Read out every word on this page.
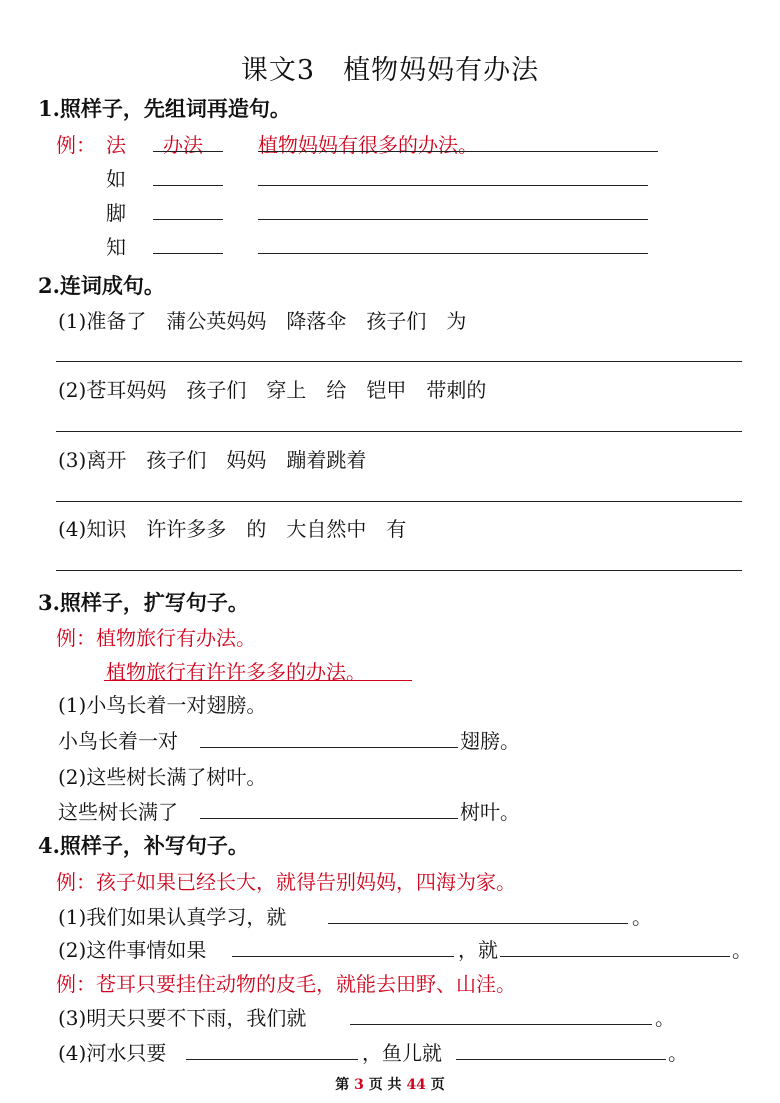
课文3　植物妈妈有办法
1.照样子，先组词再造句。
例： 法 办法	植物妈妈有很多的办法。
如
脚
知
2.连词成句。
(1)准备了　蒲公英妈妈　降落伞　孩子们　为
(2)苍耳妈妈　孩子们　穿上　给　铠甲　带刺的
(3)离开　孩子们　妈妈　蹦着跳着
(4)知识　许许多多　的　大自然中　有
3.照样子，扩写句子。
例：植物旅行有办法。
植物旅行有许许多多的办法。
(1)小鸟长着一对翅膀。
小鸟长着一对	翅膀。
(2)这些树长满了树叶。
这些树长满了	树叶。
4.照样子，补写句子。
例：孩子如果已经长大，就得告别妈妈，四海为家。
(1)我们如果认真学习，就	。
(2)这件事情如果	，就	。
例：苍耳只要挂住动物的皮毛，就能去田野、山洼。
(3)明天只要不下雨，我们就	。
(4)河水只要	，鱼儿就	。
第 3 页 共 44 页
